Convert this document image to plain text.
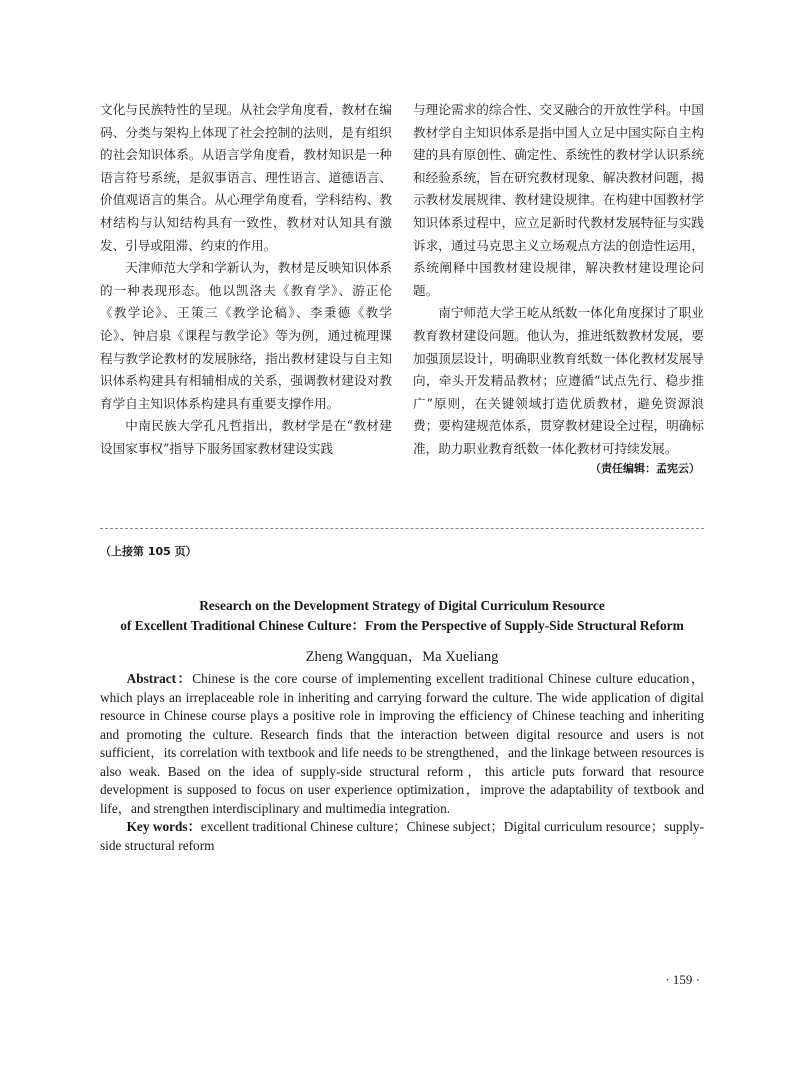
文化与民族特性的呈现。从社会学角度看，教材在编码、分类与架构上体现了社会控制的法则，是有组织的社会知识体系。从语言学角度看，教材知识是一种语言符号系统，是叙事语言、理性语言、道德语言、价值观语言的集合。从心理学角度看，学科结构、教材结构与认知结构具有一致性，教材对认知具有激发、引导或阻滞、约束的作用。

天津师范大学和学新认为，教材是反映知识体系的一种表现形态。他以凯洛夫《教育学》、游正伦《教学论》、王策三《教学论稿》、李秉德《教学论》、钟启泉《课程与教学论》等为例，通过梳理课程与教学论教材的发展脉络，指出教材建设与自主知识体系构建具有相辅相成的关系，强调教材建设对教育学自主知识体系构建具有重要支撑作用。

中南民族大学孔凡哲指出，教材学是在“教材建设国家事权”指导下服务国家教材建设实践

与理论需求的综合性、交叉融合的开放性学科。中国教材学自主知识体系是指中国人立足中国实际自主构建的具有原创性、确定性、系统性的教材学认识系统和经验系统，旨在研究教材现象、解决教材问题，揭示教材发展规律、教材建设规律。在构建中国教材学知识体系过程中，应立足新时代教材发展特征与实践诉求，通过马克思主义立场观点方法的创造性运用，系统阐释中国教材建设规律，解决教材建设理论问题。

南宁师范大学王屹从纸数一体化角度探讨了职业教育教材建设问题。他认为，推进纸数教材发展，要加强顶层设计，明确职业教育纸数一体化教材发展导向，牵头开发精品教材；应遵循“试点先行、稳步推广”原则，在关键领域打造优质教材，避免资源浪费；要构建规范体系，贯穿教材建设全过程，明确标准，助力职业教育纸数一体化教材可持续发展。

（责任编辑：孟宪云）
（上接第 105 页）
Research on the Development Strategy of Digital Curriculum Resource
of Excellent Traditional Chinese Culture：From the Perspective of Supply-Side Structural Reform
Zheng Wangquan，Ma Xueliang

Abstract：Chinese is the core course of implementing excellent traditional Chinese culture education，which plays an irreplaceable role in inheriting and carrying forward the culture. The wide application of digital resource in Chinese course plays a positive role in improving the efficiency of Chinese teaching and inheriting and promoting the culture. Research finds that the interaction between digital resource and users is not sufficient，its correlation with textbook and life needs to be strengthened，and the linkage between resources is also weak. Based on the idea of supply-side structural reform，this article puts forward that resource development is supposed to focus on user experience optimization，improve the adaptability of textbook and life，and strengthen interdisciplinary and multimedia integration.

Key words：excellent traditional Chinese culture；Chinese subject；Digital curriculum resource；supply-side structural reform

· 159 ·
